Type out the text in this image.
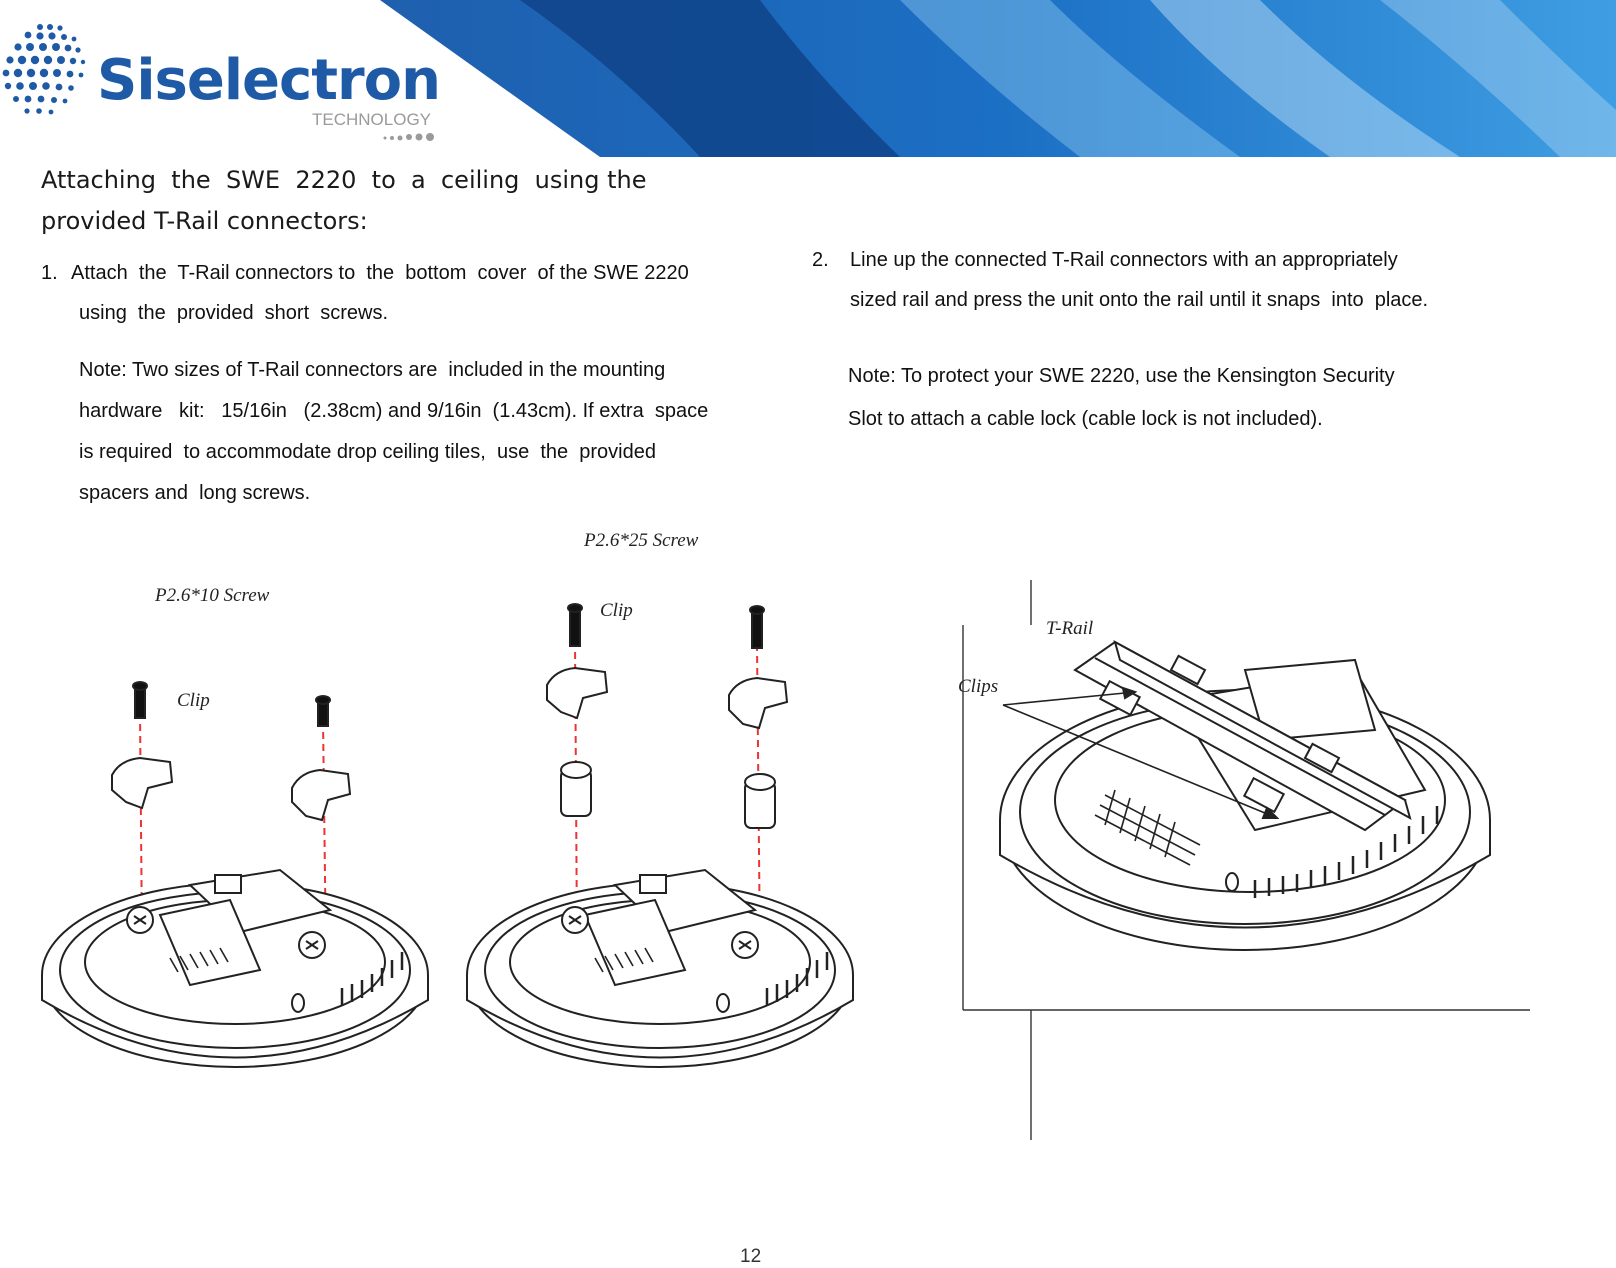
Siselectron
TECHNOLOGY
Attaching  the  SWE  2220  to  a  ceiling  using the
provided T-Rail connectors:
1. Attach  the  T-Rail connectors to  the  bottom  cover  of the SWE 2220
using  the  provided  short  screws.
Note: Two sizes of T-Rail connectors are  included in the mounting
hardware   kit:   15/16in   (2.38cm) and 9/16in  (1.43cm). If extra  space
is required  to accommodate drop ceiling tiles,  use  the  provided
spacers and  long screws.
2. Line up the connected T-Rail connectors with an appropriately
sized rail and press the unit onto the rail until it snaps  into  place.
Note: To protect your SWE 2220, use the Kensington Security
Slot to attach a cable lock (cable lock is not included).
P2.6*10 Screw
Clip
P2.6*25 Screw
Clip
T-Rail
Clips
12
